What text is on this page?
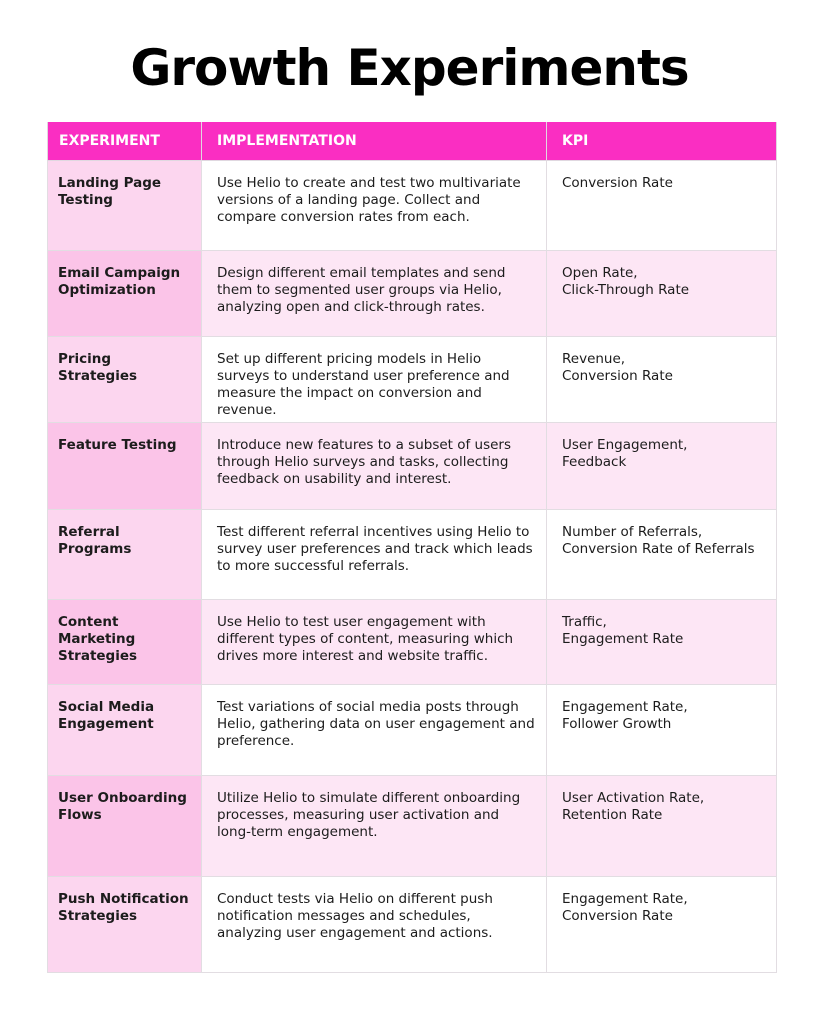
Growth Experiments
EXPERIMENT	IMPLEMENTATION	KPI
Landing Page Testing	Use Helio to create and test two multivariate versions of a landing page. Collect and compare conversion rates from each.	Conversion Rate

Email Campaign Optimization	Design different email templates and send them to segmented user groups via Helio, analyzing open and click-through rates.	Open Rate,
Click-Through Rate

Pricing Strategies	Set up different pricing models in Helio surveys to understand user preference and measure the impact on conversion and revenue.	Revenue,
Conversion Rate

Feature Testing	Introduce new features to a subset of users through Helio surveys and tasks, collecting feedback on usability and interest.	User Engagement,
Feedback

Referral Programs	Test different referral incentives using Helio to survey user preferences and track which leads to more successful referrals.	Number of Referrals,
Conversion Rate of Referrals

Content Marketing Strategies	Use Helio to test user engagement with different types of content, measuring which drives more interest and website traffic.	Traffic,
Engagement Rate

Social Media Engagement	Test variations of social media posts through Helio, gathering data on user engagement and preference.	Engagement Rate,
Follower Growth

User Onboarding Flows	Utilize Helio to simulate different onboarding processes, measuring user activation and long-term engagement.	User Activation Rate,
Retention Rate

Push Notification Strategies	Conduct tests via Helio on different push notification messages and schedules, analyzing user engagement and actions.	Engagement Rate,
Conversion Rate
